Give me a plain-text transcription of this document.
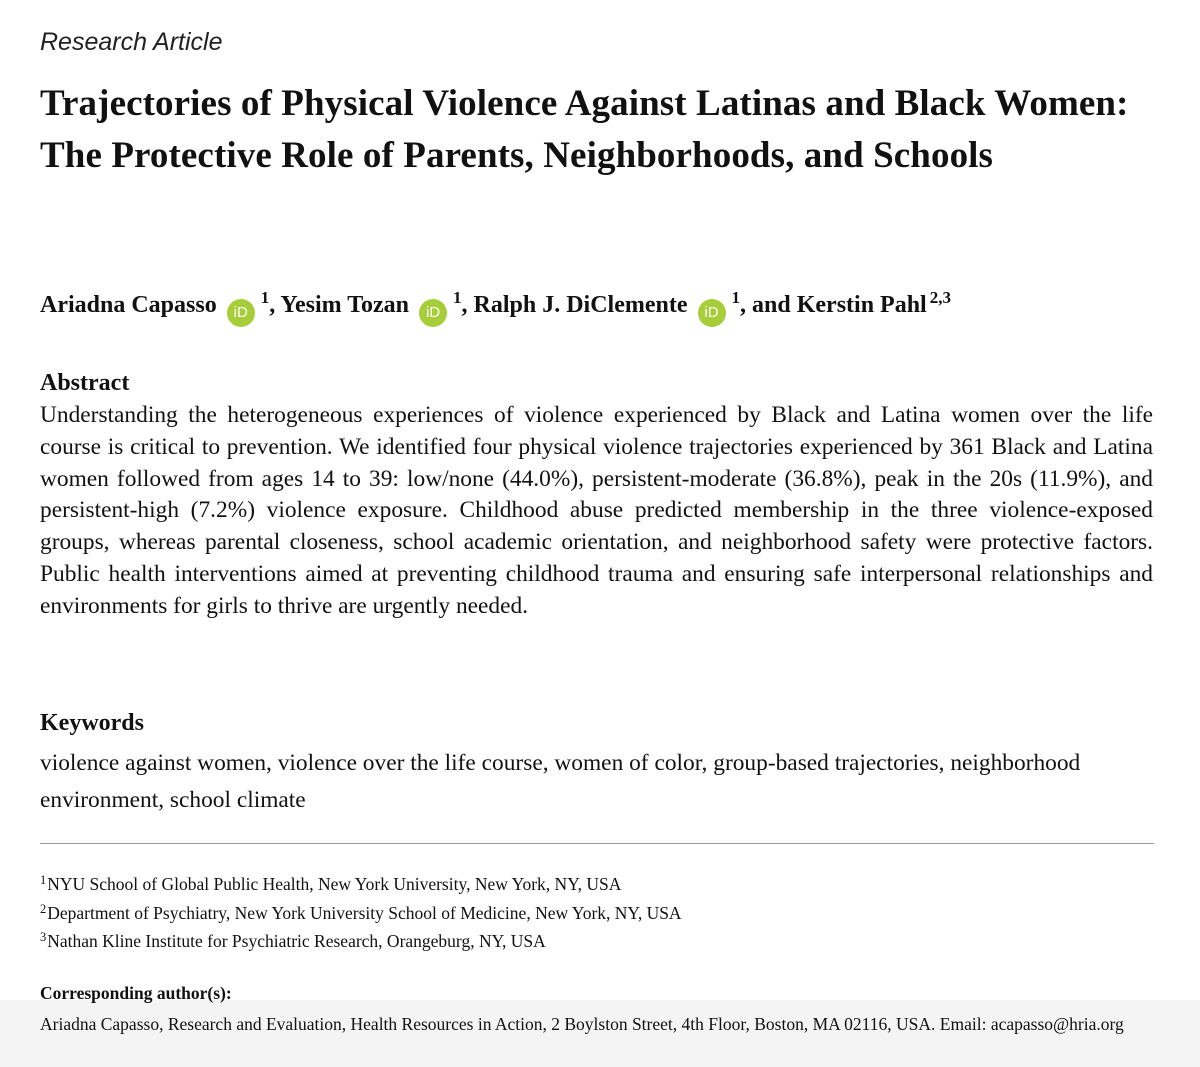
Research Article
Trajectories of Physical Violence Against Latinas and Black Women: The Protective Role of Parents, Neighborhoods, and Schools
Ariadna Capasso $iD^1$, Yesim Tozan $iD^1$, Ralph J. DiClemente $iD^1$, and Kerstin Pahl $^{2,3}$
Abstract

Understanding the heterogeneous experiences of violence experienced by Black and Latina women over the life course is critical to prevention. We identified four physical violence trajectories experienced by 361 Black and Latina women followed from ages 14 to 39: low/none (44.0%), persistent-moderate (36.8%), peak in the 20s (11.9%), and persistent-high (7.2%) violence exposure. Childhood abuse predicted membership in the three violence-exposed groups, whereas parental closeness, school academic orientation, and neighborhood safety were protective factors. Public health interventions aimed at preventing childhood trauma and ensuring safe interpersonal relationships and environments for girls to thrive are urgently needed.

Keywords

violence against women, violence over the life course, women of color, group-based trajectories, neighborhood environment, school climate

$^1$NYU School of Global Public Health, New York University, New York, NY, USA
$^2$Department of Psychiatry, New York University School of Medicine, New York, NY, USA
$^3$Nathan Kline Institute for Psychiatric Research, Orangeburg, NY, USA
Corresponding author(s):

Ariadna Capasso, Research and Evaluation, Health Resources in Action, 2 Boylston Street, 4th Floor, Boston, MA 02116, USA. Email: acapasso@hria.org
